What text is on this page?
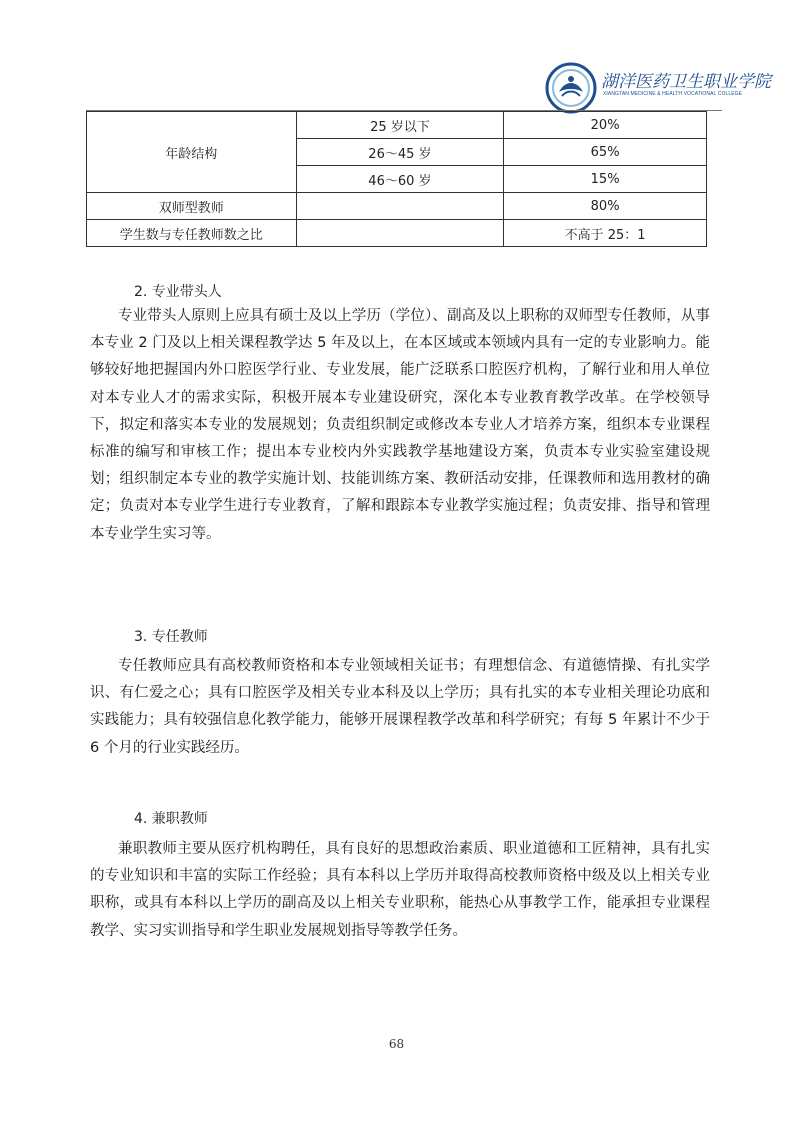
湖洋医药卫生职业学院
XIANGTAN MEDICINE & HEALTH VOCATIONAL COLLEGE
年龄结构	25 岁以下	20%
	26～45 岁	65%
	46～60 岁	15%
双师型教师		80%
学生数与专任教师数之比		不高于 25：1
2. 专业带头人

专业带头人原则上应具有硕士及以上学历（学位）、副高及以上职称的双师型专任教师，从事本专业 2 门及以上相关课程教学达 5 年及以上，在本区域或本领域内具有一定的专业影响力。能够较好地把握国内外口腔医学行业、专业发展，能广泛联系口腔医疗机构，了解行业和用人单位对本专业人才的需求实际，积极开展本专业建设研究，深化本专业教育教学改革。在学校领导下，拟定和落实本专业的发展规划；负责组织制定或修改本专业人才培养方案，组织本专业课程标准的编写和审核工作；提出本专业校内外实践教学基地建设方案，负责本专业实验室建设规划；组织制定本专业的教学实施计划、技能训练方案、教研活动安排，任课教师和选用教材的确定；负责对本专业学生进行专业教育，了解和跟踪本专业教学实施过程；负责安排、指导和管理本专业学生实习等。

3. 专任教师

专任教师应具有高校教师资格和本专业领域相关证书；有理想信念、有道德情操、有扎实学识、有仁爱之心；具有口腔医学及相关专业本科及以上学历；具有扎实的本专业相关理论功底和实践能力；具有较强信息化教学能力，能够开展课程教学改革和科学研究；有每 5 年累计不少于 6 个月的行业实践经历。

4. 兼职教师

兼职教师主要从医疗机构聘任，具有良好的思想政治素质、职业道德和工匠精神，具有扎实的专业知识和丰富的实际工作经验；具有本科以上学历并取得高校教师资格中级及以上相关专业职称，或具有本科以上学历的副高及以上相关专业职称，能热心从事教学工作，能承担专业课程教学、实习实训指导和学生职业发展规划指导等教学任务。

68
